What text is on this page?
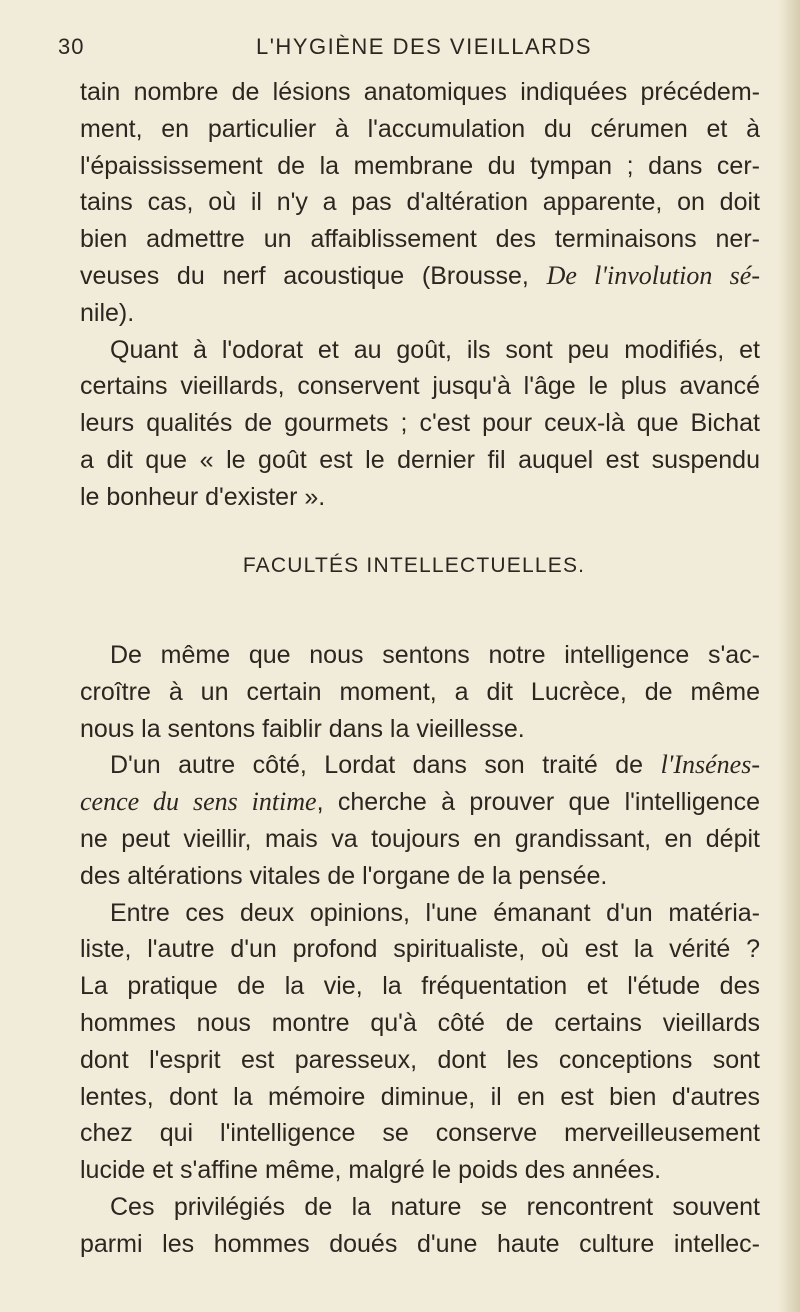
30	L'HYGIÈNE DES VIEILLARDS
tain nombre de lésions anatomiques indiquées précédem-
ment, en particulier à l'accumulation du cérumen et à
l'épaississement de la membrane du tympan ; dans cer-
tains cas, où il n'y a pas d'altération apparente, on doit
bien admettre un affaiblissement des terminaisons ner-
veuses du nerf acoustique (Brousse, De l'involution sé-
nile).
Quant à l'odorat et au goût, ils sont peu modifiés, et
certains vieillards, conservent jusqu'à l'âge le plus avancé
leurs qualités de gourmets ; c'est pour ceux-là que Bichat
a dit que « le goût est le dernier fil auquel est suspendu
le bonheur d'exister ».
FACULTÉS INTELLECTUELLES.
De même que nous sentons notre intelligence s'ac-
croître à un certain moment, a dit Lucrèce, de même
nous la sentons faiblir dans la vieillesse.
D'un autre côté, Lordat dans son traité de l'Insénes-
cence du sens intime, cherche à prouver que l'intelligence
ne peut vieillir, mais va toujours en grandissant, en dépit
des altérations vitales de l'organe de la pensée.
Entre ces deux opinions, l'une émanant d'un matéria-
liste, l'autre d'un profond spiritualiste, où est la vérité ?
La pratique de la vie, la fréquentation et l'étude des
hommes nous montre qu'à côté de certains vieillards
dont l'esprit est paresseux, dont les conceptions sont
lentes, dont la mémoire diminue, il en est bien d'autres
chez qui l'intelligence se conserve merveilleusement
lucide et s'affine même, malgré le poids des années.
Ces privilégiés de la nature se rencontrent souvent
parmi les hommes doués d'une haute culture intellec-
